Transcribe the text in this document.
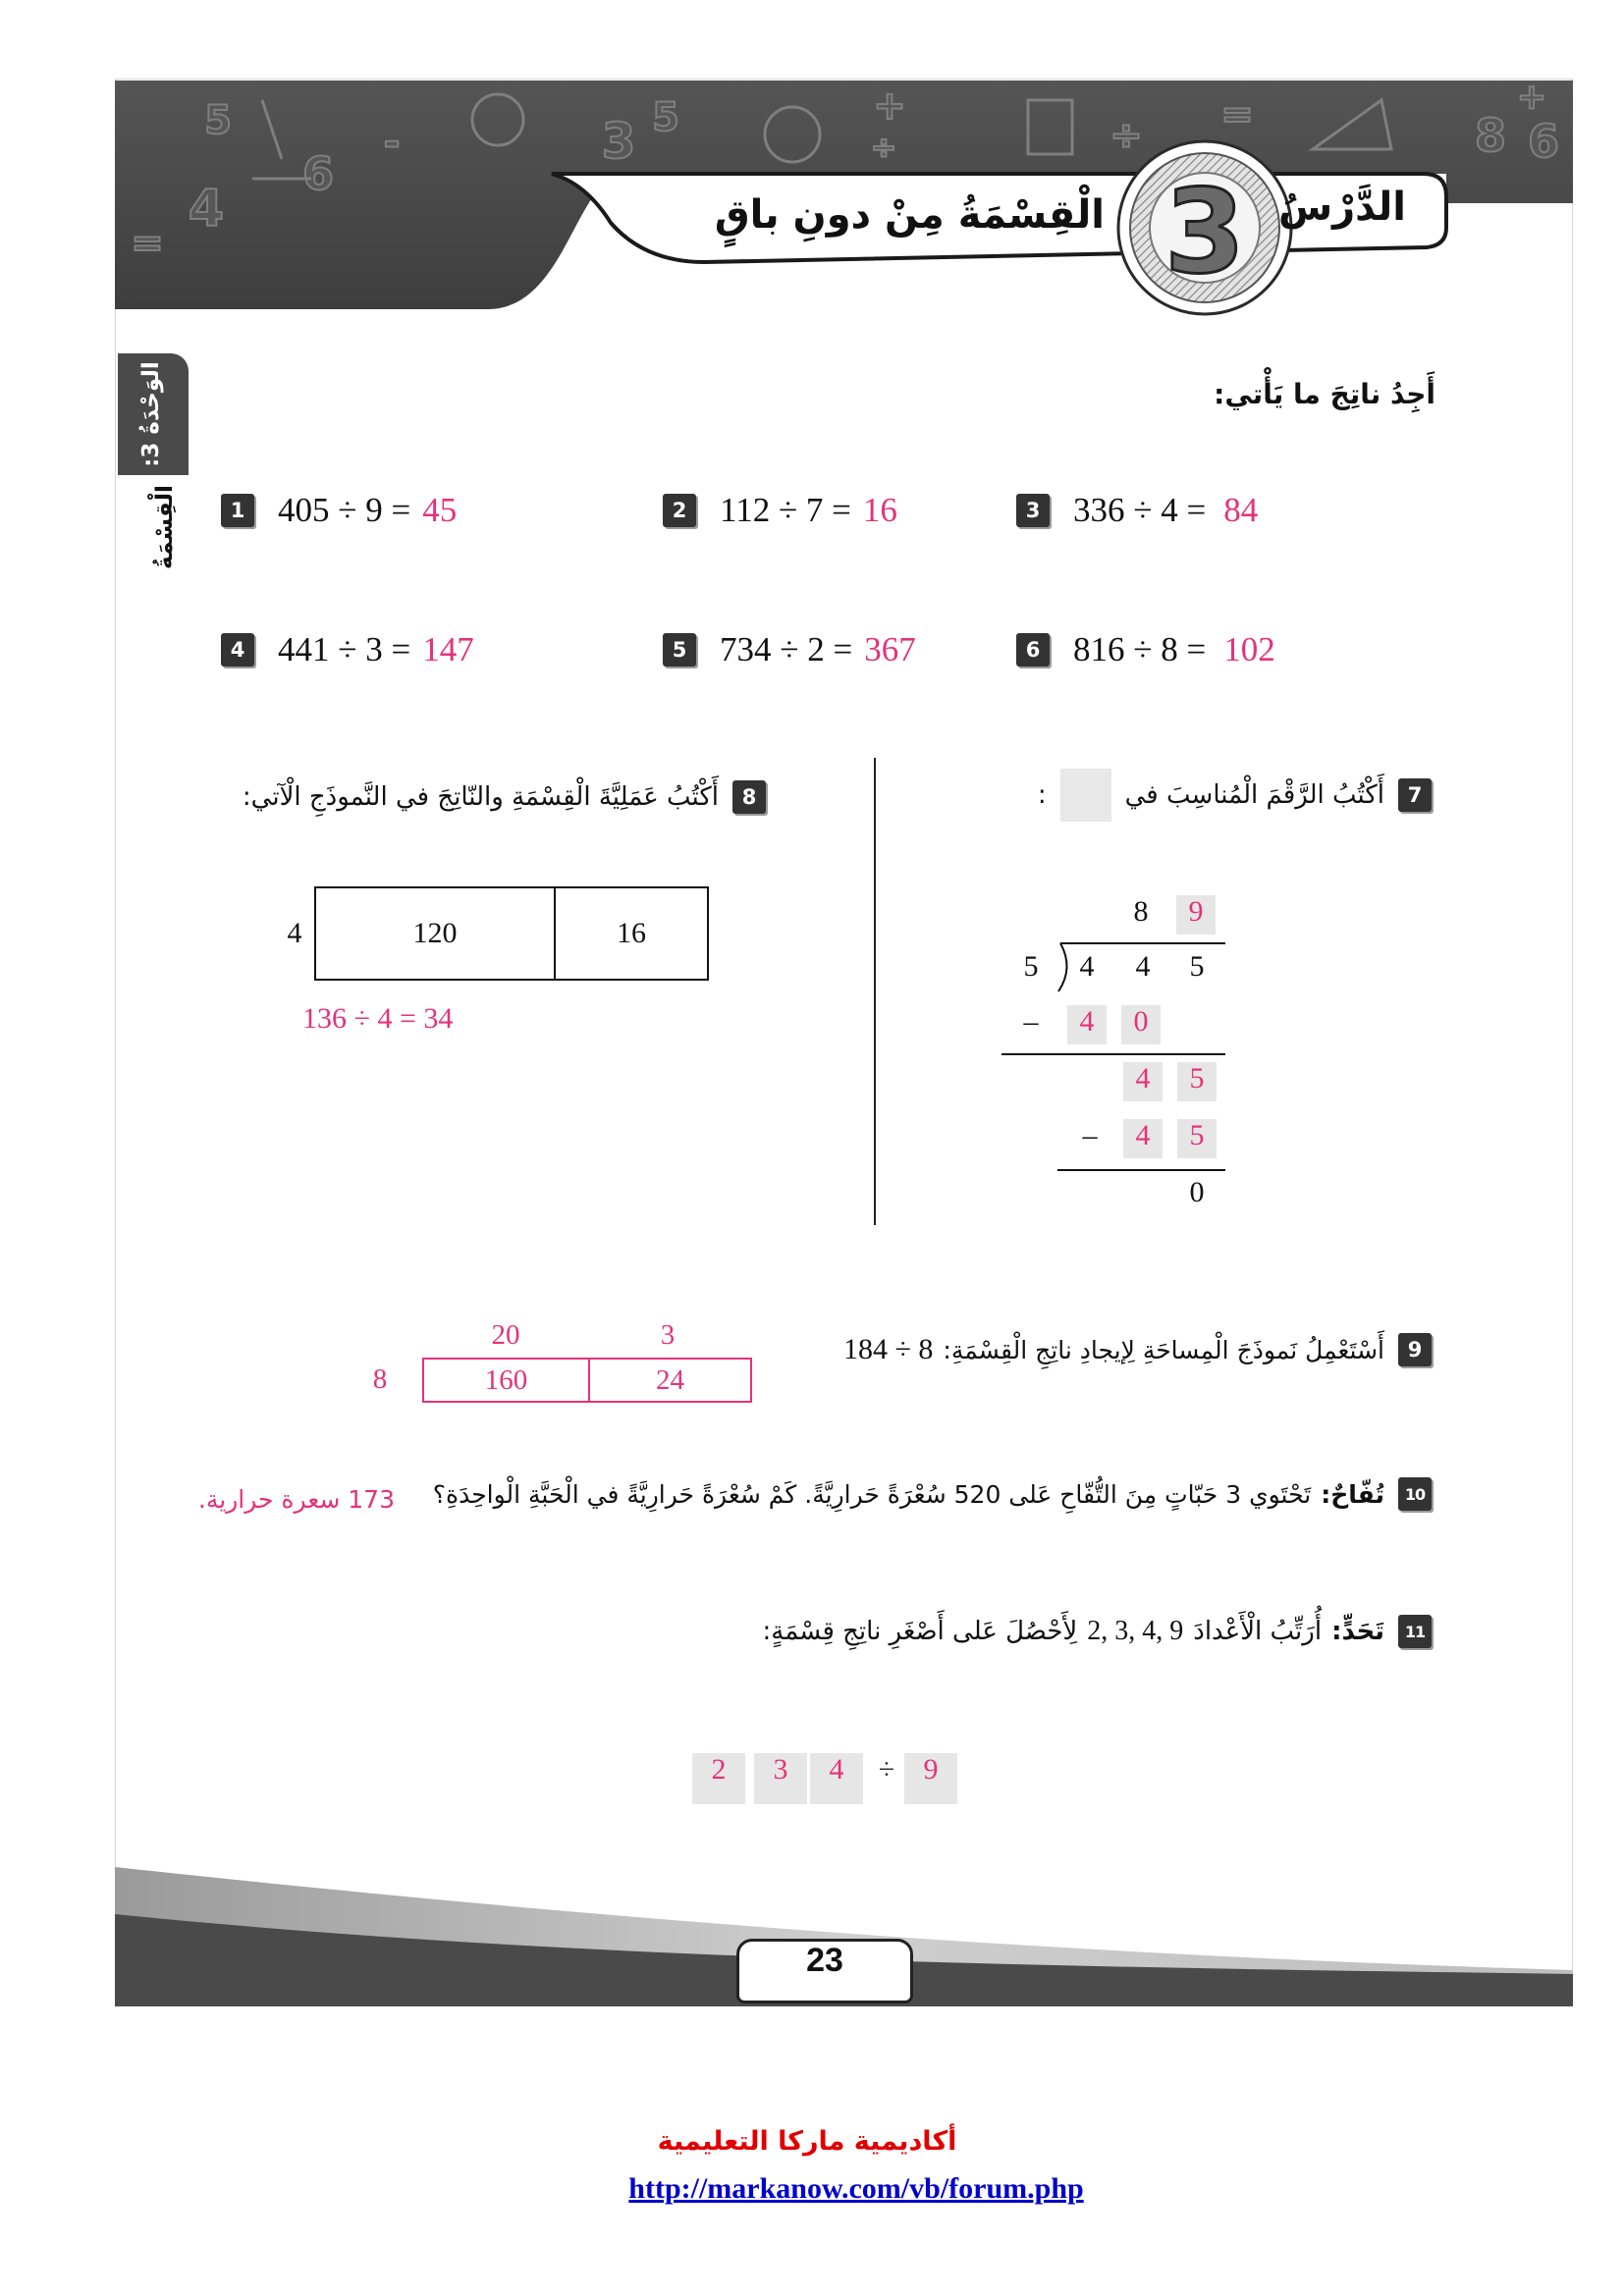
5
4
6
-
=
3 5	+
÷	÷ =	8
+
6
3 الدَّرْسُ
الْقِسْمَةُ مِنْ دونِ باقٍ
الوَحْدَةُ 3:
الْقِسْمَةُ
أَجِدُ ناتِجَ ما يَأْتي:
1 405 ÷ 9 = 45	2 112 ÷ 7 = 16	3 336 ÷ 4 = 84
4 441 ÷ 3 = 147	5 734 ÷ 2 = 367	6 816 ÷ 8 = 102
7
أَكْتُبُ الرَّقْمَ الْمُناسِبَ في
:
8	9
5	4	4	5
–	4	0
4	5
–	4	5
0
8
أَكْتُبُ عَمَلِيَّةَ الْقِسْمَةِ والنّاتِجَ في النَّموذَجِ الْآتي:
4	120	16
136 ÷ 4 = 34
9
أَسْتَعْمِلُ نَموذَجَ الْمِساحَةِ لِإيجادِ ناتِجِ الْقِسْمَةِ:
184 ÷ 8
20	3
8	160	24
10
تُفّاحٌ:
تَحْتَوي 3 حَبّاتٍ مِنَ التُّفّاحِ عَلى 520 سُعْرَةً حَرارِيَّةً. كَمْ سُعْرَةً حَرارِيَّةً في الْحَبَّةِ الْواحِدَةِ؟
173 سعرة حرارية.
11
تَحَدٍّ:
أُرَتِّبُ الْأَعْدادَ
2, 3, 4, 9
لِأَحْصُلَ عَلى أَصْغَرِ ناتِجِ قِسْمَةٍ:
2	3	4	÷ 9
23
أكاديمية ماركا التعليمية
http://markanow.com/vb/forum.php
